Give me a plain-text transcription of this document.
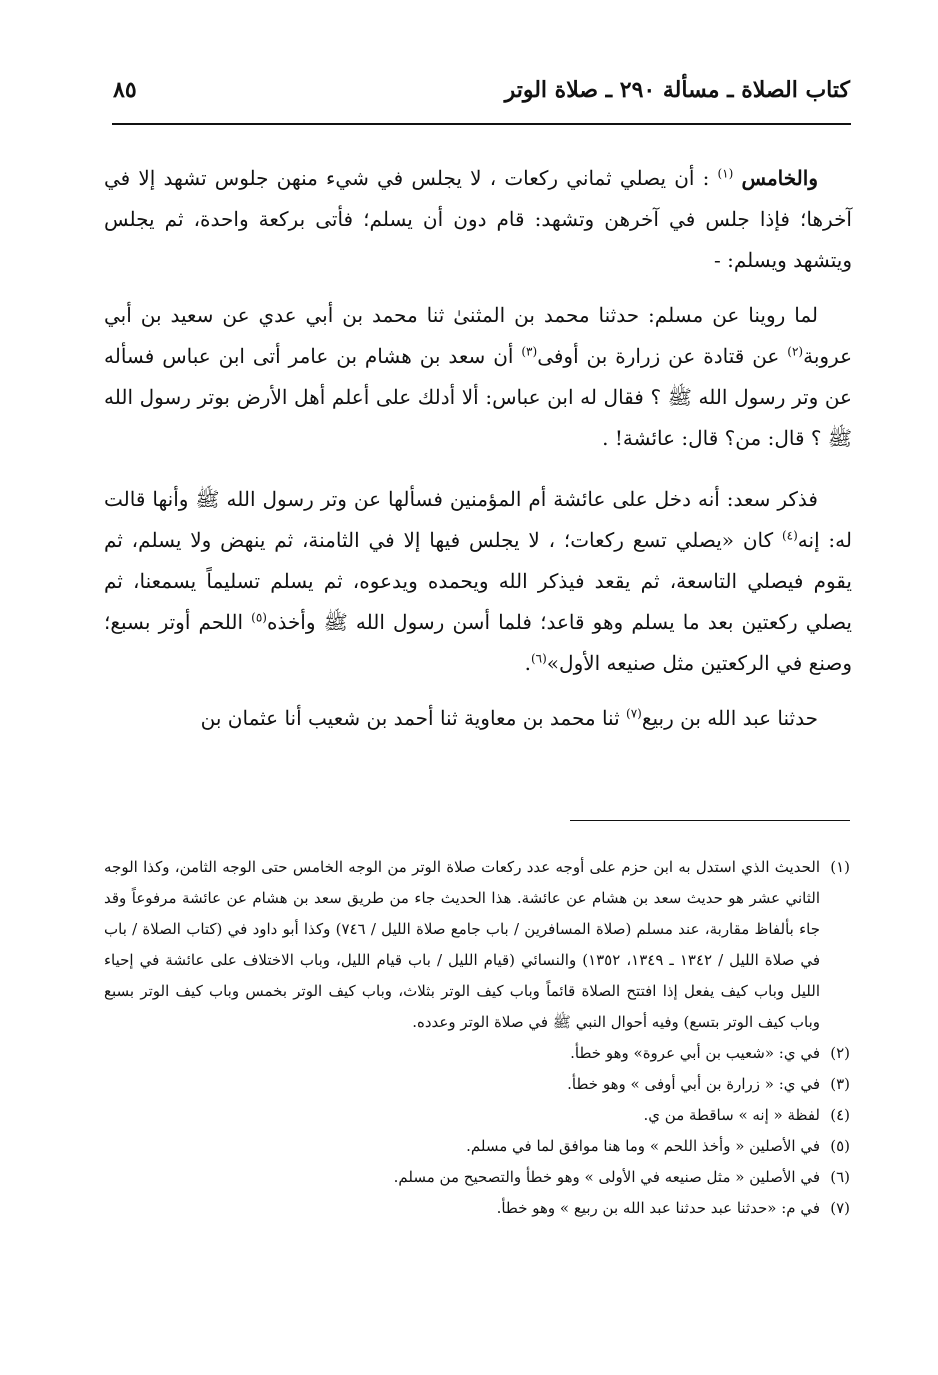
كتاب الصلاة ـ مسألة ٢٩٠ ـ صلاة الوتر
٨٥

والخامس $^{(١)}$ : أن يصلي ثماني ركعات ، لا يجلس في شيء منهن جلوس تشهد إلا في آخرها؛ فإذا جلس في آخرهن وتشهد: قام دون أن يسلم؛ فأتى بركعة واحدة، ثم يجلس ويتشهد ويسلم: -

لما روينا عن مسلم: حدثنا محمد بن المثنىٰ ثنا محمد بن أبي عدي عن سعيد بن أبي عروبة$^{(٢)}$ عن قتادة عن زرارة بن أوفى$^{(٣)}$ أن سعد بن هشام بن عامر أتى ابن عباس فسأله عن وتر رسول الله ﷺ ؟ فقال له ابن عباس: ألا أدلك على أعلم أهل الأرض بوتر رسول الله ﷺ ؟ قال: من؟ قال: عائشة! .

فذكر سعد: أنه دخل على عائشة أم المؤمنين فسألها عن وتر رسول الله ﷺ وأنها قالت له: إنه$^{(٤)}$ كان «يصلي تسع ركعات؛ ، لا يجلس فيها إلا في الثامنة، ثم ينهض ولا يسلم، ثم يقوم فيصلي التاسعة، ثم يقعد فيذكر الله ويحمده ويدعوه، ثم يسلم تسليماً يسمعنا، ثم يصلي ركعتين بعد ما يسلم وهو قاعد؛ فلما أسن رسول الله ﷺ وأخذه$^{(٥)}$ اللحم أوتر بسبع؛ وصنع في الركعتين مثل صنيعه الأول»$^{(٦)}$.

حدثنا عبد الله بن ربيع$^{(٧)}$ ثنا محمد بن معاوية ثنا أحمد بن شعيب أنا عثمان بن

(١)
الحديث الذي استدل به ابن حزم على أوجه عدد ركعات صلاة الوتر من الوجه الخامس حتى الوجه الثامن، وكذا الوجه الثاني عشر هو حديث سعد بن هشام عن عائشة. هذا الحديث جاء من طريق سعد بن هشام عن عائشة مرفوعاً وقد جاء بألفاظ مقاربة، عند مسلم (صلاة المسافرين / باب جامع صلاة الليل / ٧٤٦) وكذا أبو داود في (كتاب الصلاة / باب في صلاة الليل / ١٣٤٢ ـ ١٣٤٩، ١٣٥٢) والنسائي (قيام الليل / باب قيام الليل، وباب الاختلاف على عائشة في إحياء الليل وباب كيف يفعل إذا افتتح الصلاة قائماً وباب كيف الوتر بثلاث، وباب كيف الوتر بخمس وباب كيف الوتر بسبع وباب كيف الوتر بتسع) وفيه أحوال النبي ﷺ في صلاة الوتر وعدده.

(٢)
في ي: «شعيب بن أبي عروة» وهو خطأ.

(٣)
في ي: « زرارة بن أبي أوفى » وهو خطأ.

(٤)
لفظة « إنه » ساقطة من ي.

(٥)
في الأصلين « وأخذ اللحم » وما هنا موافق لما في مسلم.

(٦)
في الأصلين « مثل صنيعه في الأولى » وهو خطأ والتصحيح من مسلم.

(٧)
في م: «حدثنا عبد حدثنا عبد الله بن ربيع » وهو خطأ.
